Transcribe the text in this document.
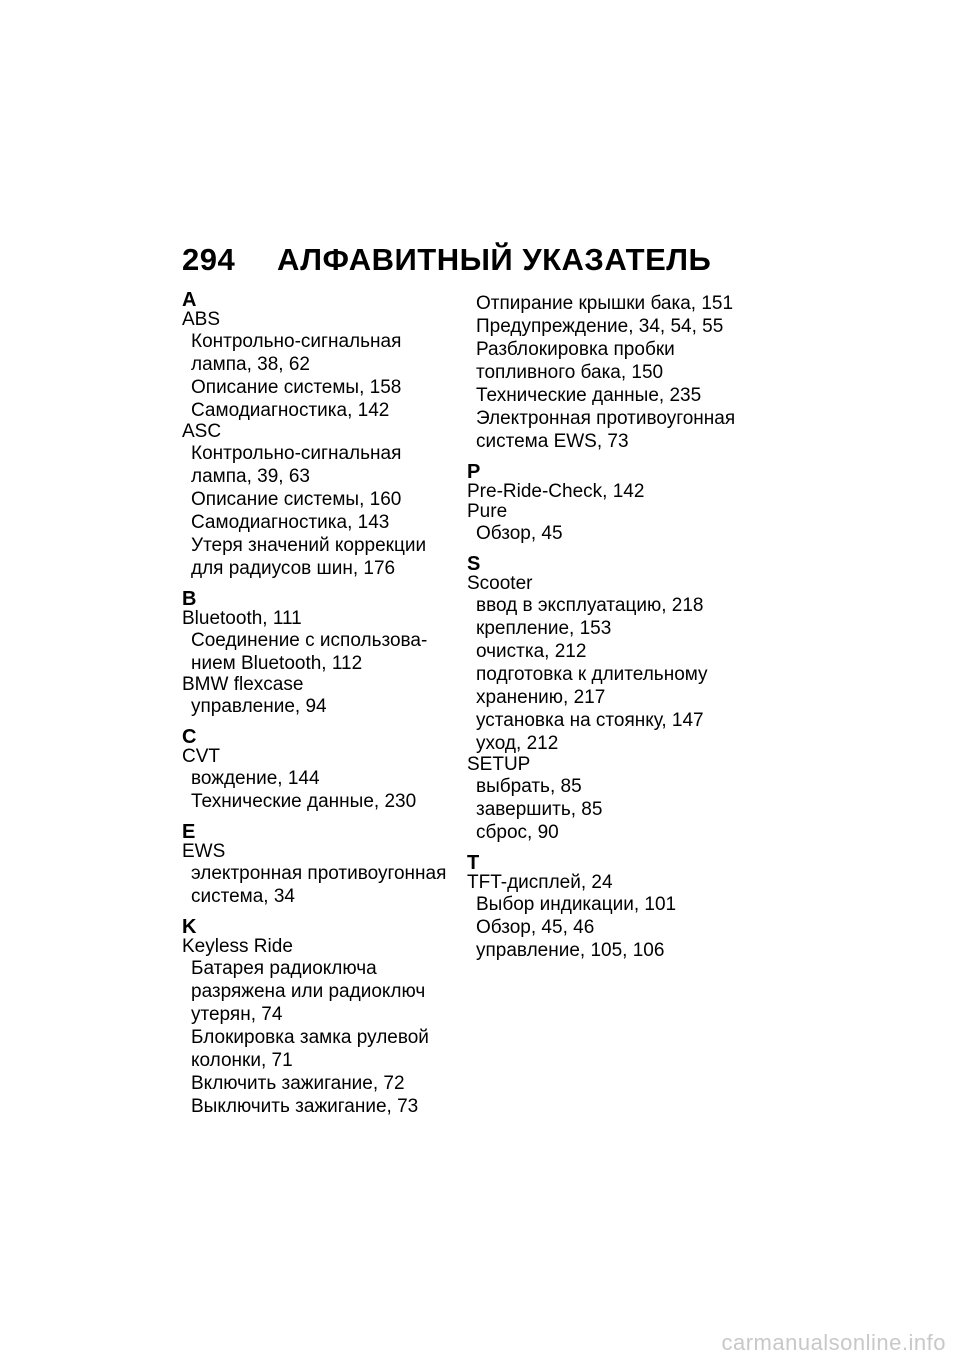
294 АЛФАВИТНЫЙ УКАЗАТЕЛЬ
A
ABS
Контрольно-сигнальная
лампа, 38, 62
Описание системы, 158
Самодиагностика, 142
ASC
Контрольно-сигнальная
лампа, 39, 63
Описание системы, 160
Самодиагностика, 143
Утеря значений коррекции
для радиусов шин, 176
B
Bluetooth, 111
Соединение с использова-
нием Bluetooth, 112
BMW flexcase
управление, 94
C
CVT
вождение, 144
Технические данные, 230
E
EWS
электронная противоугонная
система, 34
K
Keyless Ride
Батарея радиоключа
разряжена или радиоключ
утерян, 74
Блокировка замка рулевой
колонки, 71
Включить зажигание, 72
Выключить зажигание, 73
Отпирание крышки бака, 151
Предупреждение, 34, 54, 55
Разблокировка пробки
топливного бака, 150
Технические данные, 235
Электронная противоугонная
система EWS, 73
P
Pre-Ride-Check, 142
Pure
Обзор, 45
S
Scooter
ввод в эксплуатацию, 218
крепление, 153
очистка, 212
подготовка к длительному
хранению, 217
установка на стоянку, 147
уход, 212
SETUP
выбрать, 85
завершить, 85
сброс, 90
T
TFT-дисплей, 24
Выбор индикации, 101
Обзор, 45, 46
управление, 105, 106
carmanualsonline.info
